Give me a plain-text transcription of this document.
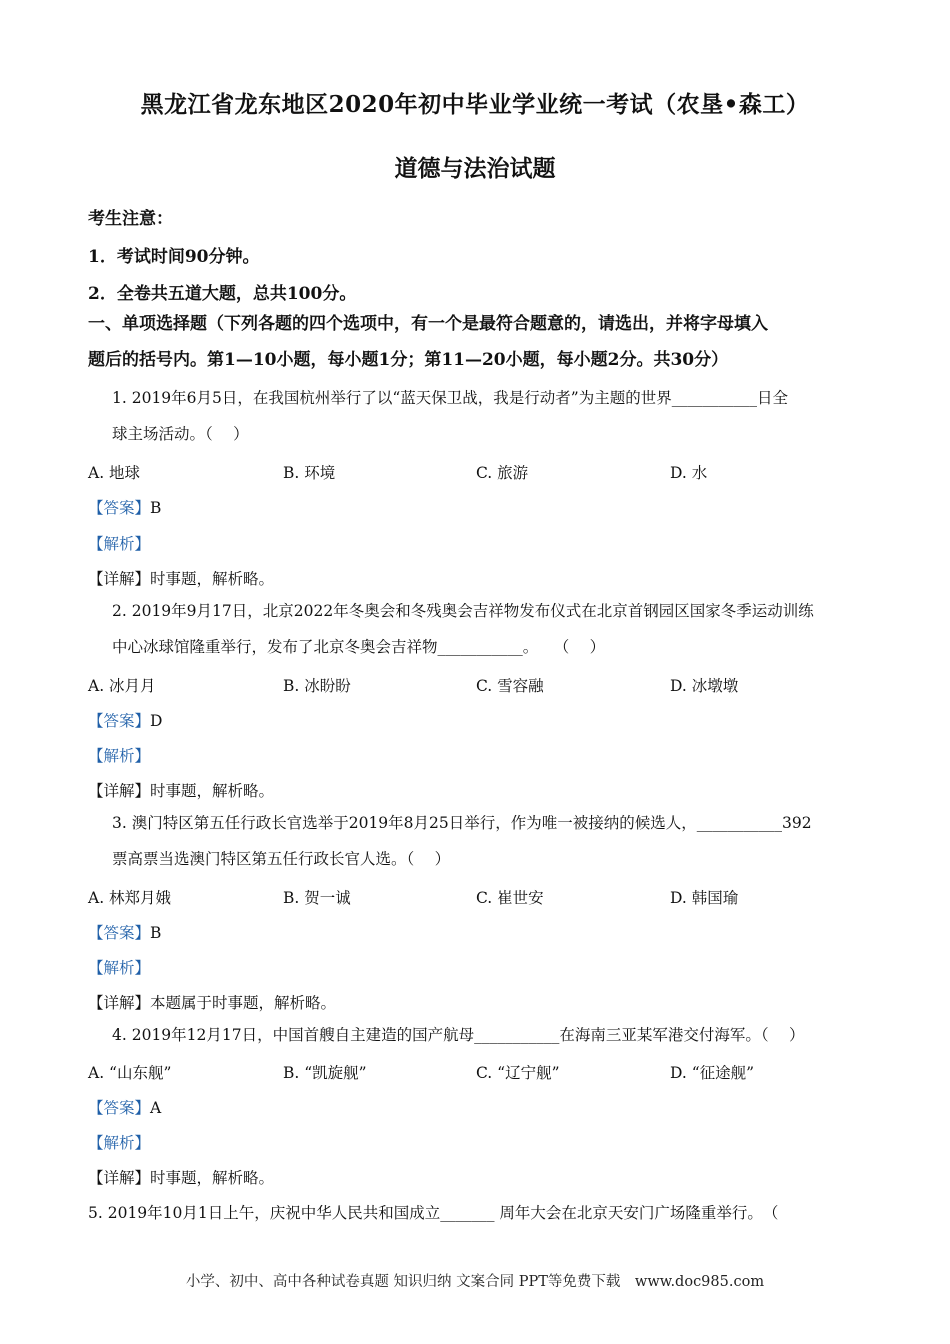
黑龙江省龙东地区2020年初中毕业学业统一考试（农垦•森工）
道德与法治试题
考生注意：
1．考试时间90分钟。
2．全卷共五道大题，总共100分。
一、单项选择题（下列各题的四个选项中，有一个是最符合题意的，请选出，并将字母填入
题后的括号内。第1—10小题，每小题1分；第11—20小题，每小题2分。共30分）
1. 2019年6月5日，在我国杭州举行了以“蓝天保卫战，我是行动者”为主题的世界___________日全
球主场活动。（　 ）
A. 地球	B. 环境	C. 旅游	D. 水
【答案】B
【解析】
【详解】时事题，解析略。
2. 2019年9月17日，北京2022年冬奥会和冬残奥会吉祥物发布仪式在北京首钢园区国家冬季运动训练
中心冰球馆隆重举行，发布了北京冬奥会吉祥物___________。　　（　 ）
A. 冰月月	B. 冰盼盼	C. 雪容融	D. 冰墩墩
【答案】D
【解析】
【详解】时事题，解析略。
3. 澳门特区第五任行政长官选举于2019年8月25日举行，作为唯一被接纳的候选人，___________392
票高票当选澳门特区第五任行政长官人选。（　 ）
A. 林郑月娥	B. 贺一诚	C. 崔世安	D. 韩国瑜
【答案】B
【解析】
【详解】本题属于时事题，解析略。
4. 2019年12月17日，中国首艘自主建造的国产航母___________在海南三亚某军港交付海军。（　 ）
A. “山东舰”	B. “凯旋舰”	C. “辽宁舰”	D. “征途舰”
【答案】A
【解析】
【详解】时事题，解析略。
5. 2019年10月1日上午，庆祝中华人民共和国成立_______ 周年大会在北京天安门广场隆重举行。　（
小学、初中、高中各种试卷真题 知识归纳 文案合同 PPT等免费下载　www.doc985.com
